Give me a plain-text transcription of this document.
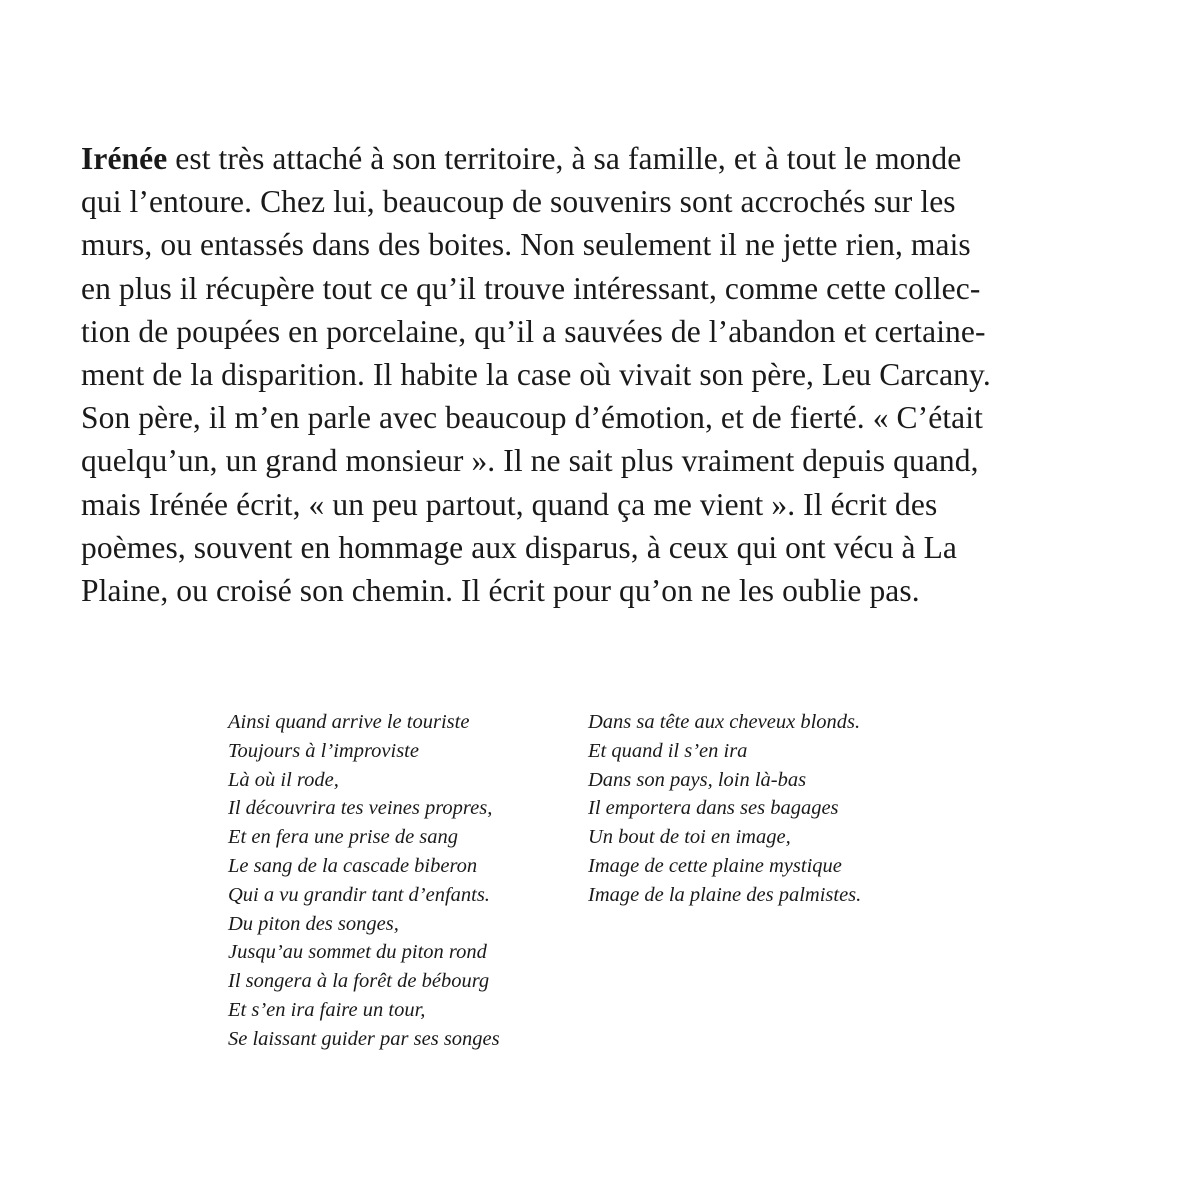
Irénée est très attaché à son territoire, à sa famille, et à tout le monde
qui l’entoure. Chez lui, beaucoup de souvenirs sont accrochés sur les
murs, ou entassés dans des boites. Non seulement il ne jette rien, mais
en plus il récupère tout ce qu’il trouve intéressant, comme cette collec-
tion de poupées en porcelaine, qu’il a sauvées de l’abandon et certaine-
ment de la disparition. Il habite la case où vivait son père, Leu Carcany.
Son père, il m’en parle avec beaucoup d’émotion, et de fierté. « C’était
quelqu’un, un grand monsieur ». Il ne sait plus vraiment depuis quand,
mais Irénée écrit, « un peu partout, quand ça me vient ». Il écrit des
poèmes, souvent en hommage aux disparus, à ceux qui ont vécu à La
Plaine, ou croisé son chemin. Il écrit pour qu’on ne les oublie pas.
Ainsi quand arrive le touriste
Toujours à l’improviste
Là où il rode,
Il découvrira tes veines propres,
Et en fera une prise de sang
Le sang de la cascade biberon
Qui a vu grandir tant d’enfants.
Du piton des songes,
Jusqu’au sommet du piton rond
Il songera à la forêt de bébourg
Et s’en ira faire un tour,
Se laissant guider par ses songes
Dans sa tête aux cheveux blonds.
Et quand il s’en ira
Dans son pays, loin là-bas
Il emportera dans ses bagages
Un bout de toi en image,
Image de cette plaine mystique
Image de la plaine des palmistes.
